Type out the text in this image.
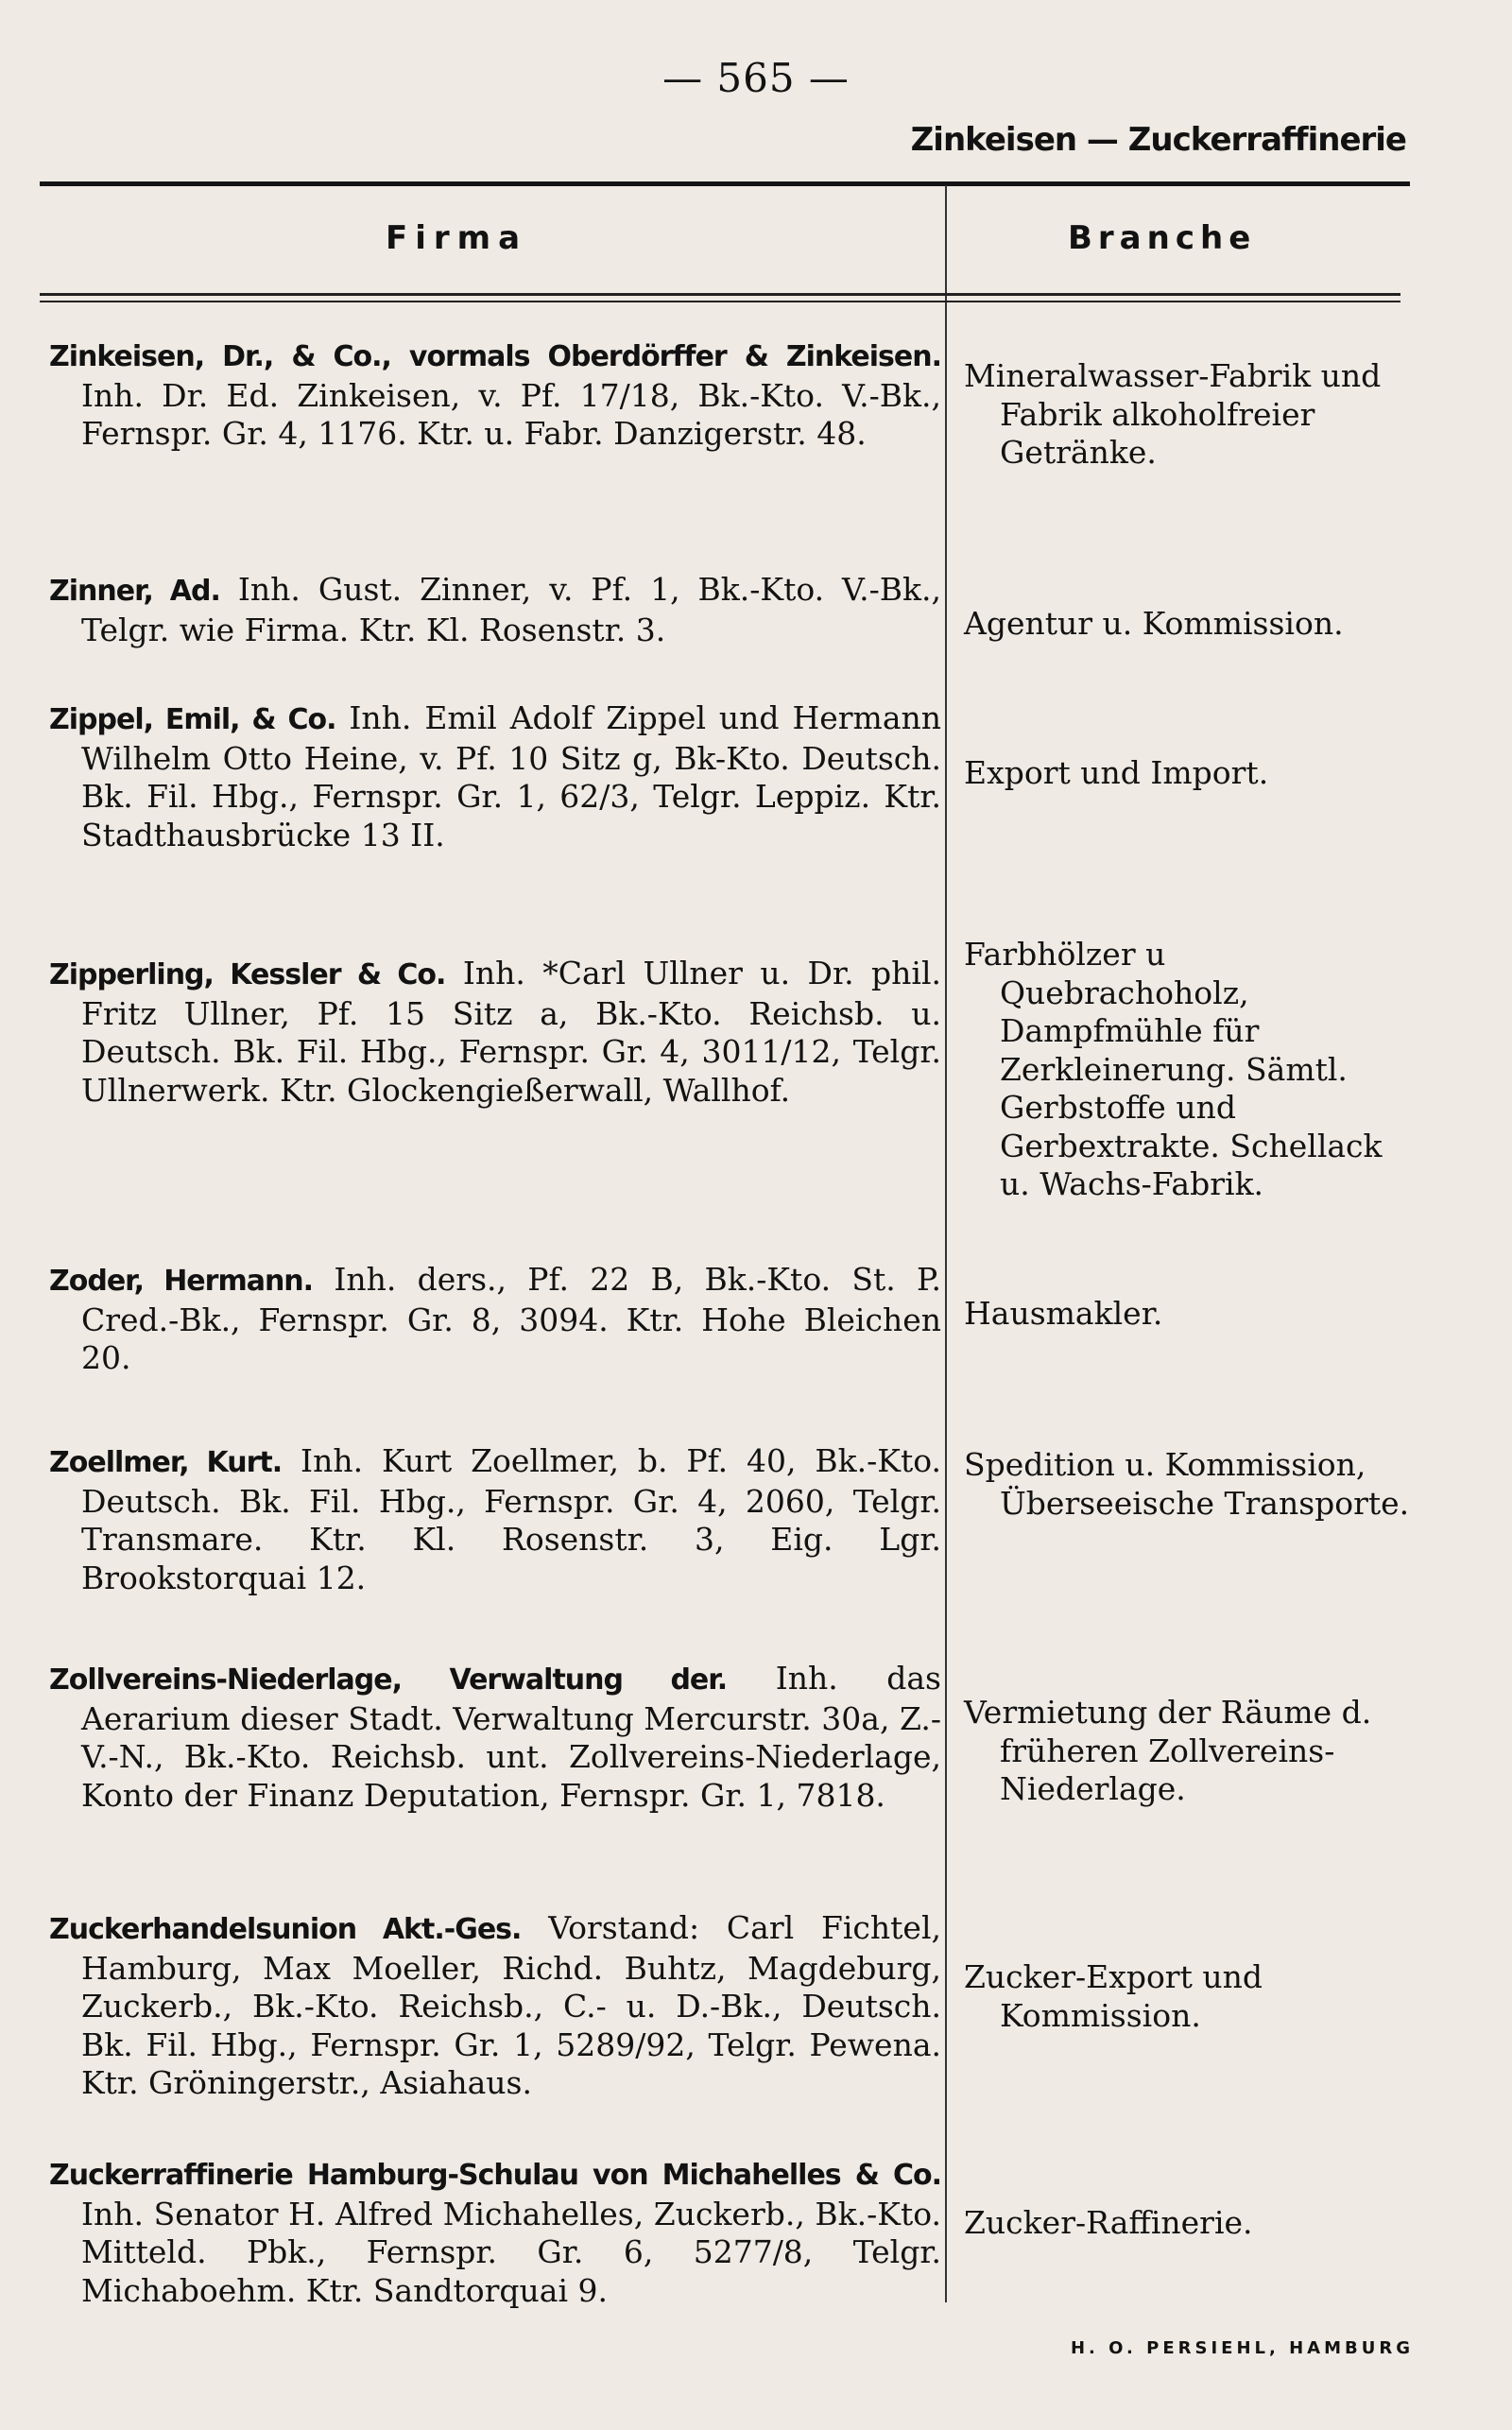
— 565 —
Zinkeisen — Zuckerraffinerie
Firma	Branche

Zinkeisen, Dr., & Co., vormals Oberdörffer & Zinkeisen. Inh. Dr. Ed. Zinkeisen, v. Pf. 17/18, Bk.-Kto. V.-Bk., Fernspr. Gr. 4, 1176. Ktr. u. Fabr. Danzigerstr. 48.

Mineralwasser-Fabrik und Fabrik alkoholfreier Getränke.

Zinner, Ad. Inh. Gust. Zinner, v. Pf. 1, Bk.-Kto. V.-Bk., Telgr. wie Firma. Ktr. Kl. Rosenstr. 3.	Agentur u. Kommission.

Zippel, Emil, & Co. Inh. Emil Adolf Zippel und Hermann Wilhelm Otto Heine, v. Pf. 10 Sitz g, Bk-Kto. Deutsch. Bk. Fil. Hbg., Fernspr. Gr. 1, 62/3, Telgr. Leppiz. Ktr. Stadthausbrücke 13 II.

Export und Import.

Zipperling, Kessler & Co. Inh. *Carl Ullner u. Dr. phil. Fritz Ullner, Pf. 15 Sitz a, Bk.-Kto. Reichsb. u. Deutsch. Bk. Fil. Hbg., Fernspr. Gr. 4, 3011/12, Telgr. Ullnerwerk. Ktr. Glockengießerwall, Wallhof.

Farbhölzer u Quebrachoholz, Dampfmühle für Zerkleinerung. Sämtl. Gerbstoffe und Gerbextrakte. Schellack u. Wachs-Fabrik.

Zoder, Hermann. Inh. ders., Pf. 22 B, Bk.-Kto. St. P. Cred.-Bk., Fernspr. Gr. 8, 3094. Ktr. Hohe Bleichen 20.

Hausmakler.

Zoellmer, Kurt. Inh. Kurt Zoellmer, b. Pf. 40, Bk.-Kto. Deutsch. Bk. Fil. Hbg., Fernspr. Gr. 4, 2060, Telgr. Transmare. Ktr. Kl. Rosenstr. 3, Eig. Lgr. Brookstorquai 12.

Spedition u. Kommission, Überseeische Transporte.

Zollvereins-Niederlage, Verwaltung der. Inh. das Aerarium dieser Stadt. Verwaltung Mercurstr. 30a, Z.-V.-N., Bk.-Kto. Reichsb. unt. Zollvereins-Niederlage, Konto der Finanz Deputation, Fernspr. Gr. 1, 7818.

Vermietung der Räume d. früheren Zollvereins-Niederlage.

Zuckerhandelsunion Akt.-Ges. Vorstand: Carl Fichtel, Hamburg, Max Moeller, Richd. Buhtz, Magdeburg, Zuckerb., Bk.-Kto. Reichsb., C.- u. D.-Bk., Deutsch. Bk. Fil. Hbg., Fernspr. Gr. 1, 5289/92, Telgr. Pewena. Ktr. Gröningerstr., Asiahaus.

Zucker-Export und Kommission.

Zuckerraffinerie Hamburg-Schulau von Michahelles & Co. Inh. Senator H. Alfred Michahelles, Zuckerb., Bk.-Kto. Mitteld. Pbk., Fernspr. Gr. 6, 5277/8, Telgr. Michaboehm. Ktr. Sandtorquai 9.

Zucker-Raffinerie.

H. O. PERSIEHL, HAMBURG
